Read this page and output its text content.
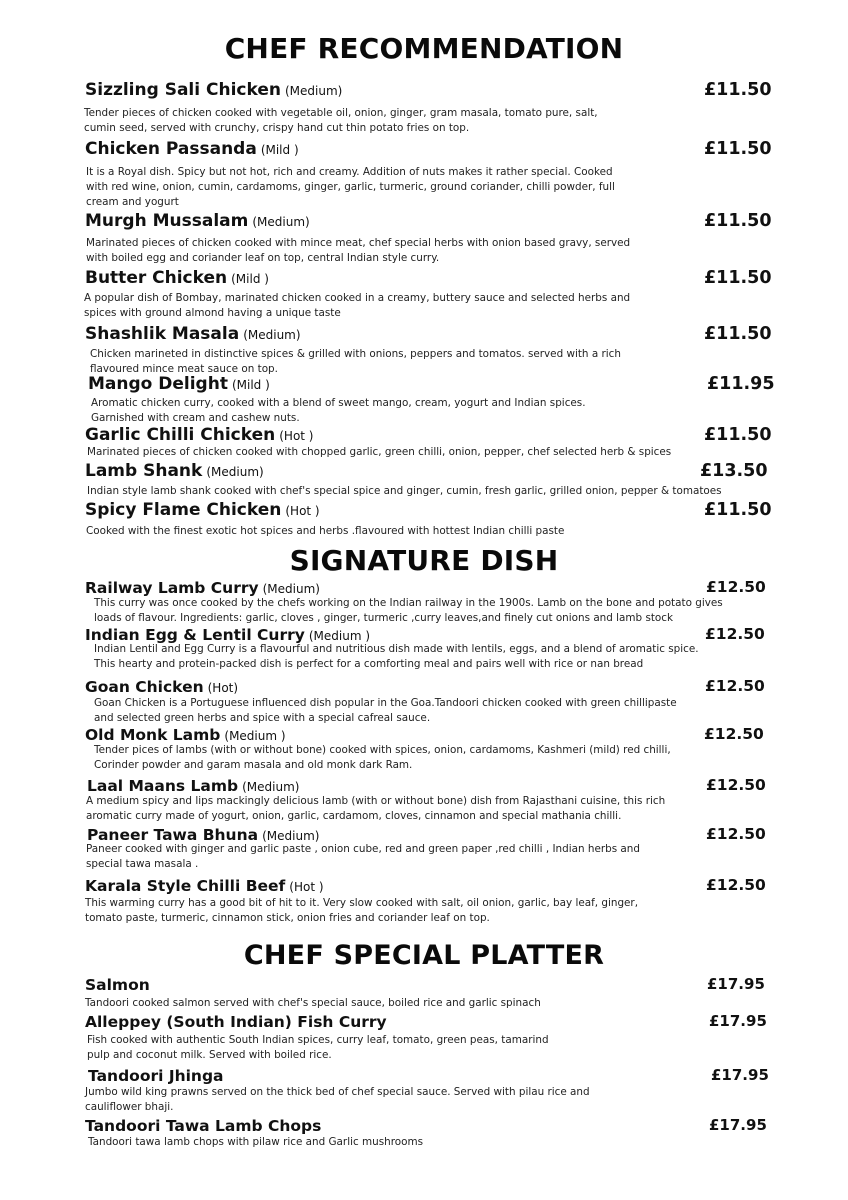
CHEF RECOMMENDATION
Sizzling Sali Chicken (Medium)	£11.50
Tender pieces of chicken cooked with vegetable oil, onion, ginger, gram masala, tomato pure, salt,
cumin seed, served with crunchy, crispy hand cut thin potato fries on top.
Chicken Passanda (Mild )	£11.50
It is a Royal dish. Spicy but not hot, rich and creamy. Addition of nuts makes it rather special. Cooked
with red wine, onion, cumin, cardamoms, ginger, garlic, turmeric, ground coriander, chilli powder, full
cream and yogurt
Murgh Mussalam (Medium)	£11.50
Marinated pieces of chicken cooked with mince meat, chef special herbs with onion based gravy, served
with boiled egg and coriander leaf on top, central Indian style curry.
Butter Chicken (Mild )	£11.50
A popular dish of Bombay, marinated chicken cooked in a creamy, buttery sauce and selected herbs and
spices with ground almond having a unique taste
Shashlik Masala (Medium)	£11.50
Chicken marineted in distinctive spices & grilled with onions, peppers and tomatos. served with a rich
flavoured mince meat sauce on top.
Mango Delight (Mild )	£11.95
Aromatic chicken curry, cooked with a blend of sweet mango, cream, yogurt and Indian spices.
Garnished with cream and cashew nuts.
Garlic Chilli Chicken (Hot )	£11.50
Marinated pieces of chicken cooked with chopped garlic, green chilli, onion, pepper, chef selected herb & spices
Lamb Shank (Medium)	£13.50
Indian style lamb shank cooked with chef's special spice and ginger, cumin, fresh garlic, grilled onion, pepper & tomatoes
Spicy Flame Chicken (Hot )	£11.50
Cooked with the finest exotic hot spices and herbs .flavoured with hottest Indian chilli paste
SIGNATURE DISH
Railway Lamb Curry (Medium)	£12.50
This curry was once cooked by the chefs working on the Indian railway in the 1900s. Lamb on the bone and potato gives
loads of flavour. Ingredients: garlic, cloves , ginger, turmeric ,curry leaves,and finely cut onions and lamb stock
Indian Egg & Lentil Curry (Medium )	£12.50
Indian Lentil and Egg Curry is a flavourful and nutritious dish made with lentils, eggs, and a blend of aromatic spice.
This hearty and protein-packed dish is perfect for a comforting meal and pairs well with rice or nan bread
Goan Chicken (Hot)	£12.50
Goan Chicken is a Portuguese influenced dish popular in the Goa.Tandoori chicken cooked with green chillipaste
and selected green herbs and spice with a special cafreal sauce.
Old Monk Lamb (Medium )	£12.50
Tender pices of lambs (with or without bone) cooked with spices, onion, cardamoms, Kashmeri (mild) red chilli,
Corinder powder and garam masala and old monk dark Ram.
Laal Maans Lamb (Medium)	£12.50
A medium spicy and lips mackingly delicious lamb (with or without bone) dish from Rajasthani cuisine, this rich
aromatic curry made of yogurt, onion, garlic, cardamom, cloves, cinnamon and special mathania chilli.
Paneer Tawa Bhuna (Medium)	£12.50
Paneer cooked with ginger and garlic paste , onion cube, red and green paper ,red chilli , Indian herbs and
special tawa masala .
Karala Style Chilli Beef (Hot )	£12.50
This warming curry has a good bit of hit to it. Very slow cooked with salt, oil onion, garlic, bay leaf, ginger,
tomato paste, turmeric, cinnamon stick, onion fries and coriander leaf on top.
CHEF SPECIAL PLATTER
Salmon	£17.95
Tandoori cooked salmon served with chef's special sauce, boiled rice and garlic spinach
Alleppey (South Indian) Fish Curry	£17.95
Fish cooked with authentic South Indian spices, curry leaf, tomato, green peas, tamarind
pulp and coconut milk. Served with boiled rice.
Tandoori Jhinga	£17.95
Jumbo wild king prawns served on the thick bed of chef special sauce. Served with pilau rice and
cauliflower bhaji.
Tandoori Tawa Lamb Chops	£17.95
Tandoori tawa lamb chops with pilaw rice and Garlic mushrooms
